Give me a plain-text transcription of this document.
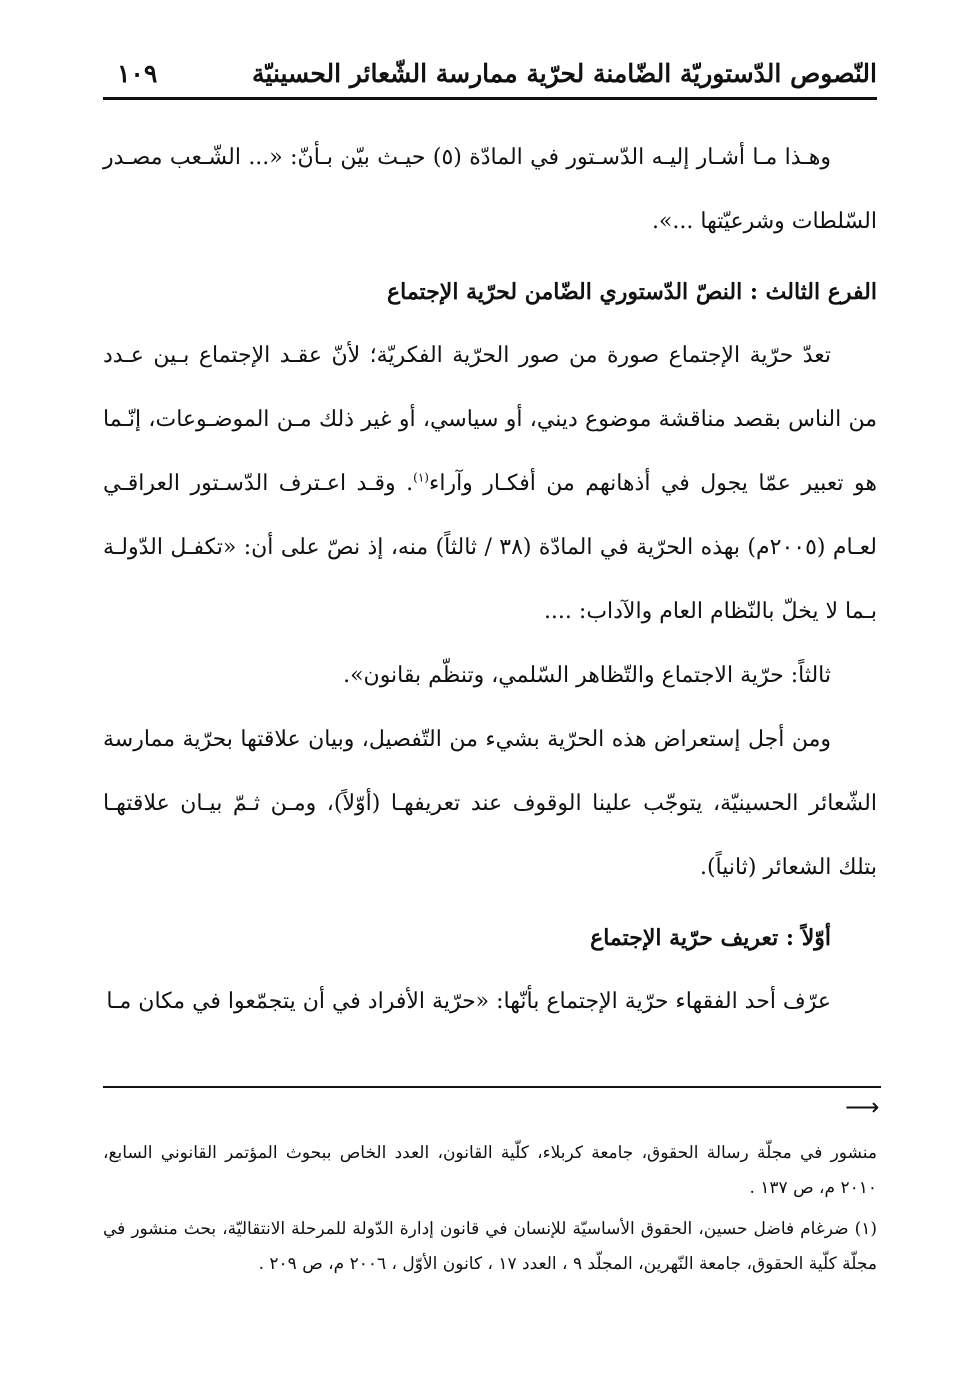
النّصوص الدّستوريّة الضّامنة لحرّية ممارسة الشّعائر الحسينيّة
١٠٩

وهـذا مـا أشـار إليـه الدّسـتور في المادّة (٥) حيـث بيّن بـأنّ: «... الشّـعب مصـدر السّلطات وشرعيّتها ...».

الفرع الثالث : النصّ الدّستوري الضّامن لحرّية الإجتماع

تعدّ حرّية الإجتماع صورة من صور الحرّية الفكريّة؛ لأنّ عقـد الإجتماع بـين عـدد من الناس بقصد مناقشة موضوع ديني، أو سياسي، أو غير ذلك مـن الموضـوعات، إنّـما هو تعبير عمّا يجول في أذهانهم من أفكـار وآراء$^{(١)}$. وقـد اعـترف الدّسـتور العراقـي لعـام (٢٠٠٥م) بهذه الحرّية في المادّة (٣٨ / ثالثاً) منه، إذ نصّ على أن: «تكفـل الدّولـة بـما لا يخلّ بالنّظام العام والآداب: ....

ثالثاً: حرّية الاجتماع والتّظاهر السّلمي، وتنظّم بقانون».

ومن أجل إستعراض هذه الحرّية بشيء من التّفصيل، وبيان علاقتها بحرّية ممارسة الشّعائر الحسينيّة، يتوجّب علينا الوقوف عند تعريفهـا (أوّلاً)، ومـن ثـمّ بيـان علاقتهـا بتلك الشعائر (ثانياً).

أوّلاً : تعريف حرّية الإجتماع

عرّف أحد الفقهاء حرّية الإجتماع بأنّها: «حرّية الأفراد في أن يتجمّعوا في مكان مـا

⟶

منشور في مجلّة رسالة الحقوق، جامعة كربلاء، كلّية القانون، العدد الخاص ببحوث المؤتمر القانوني السابع، ٢٠١٠ م، ص ١٣٧ .

(١) ضرغام فاضل حسين، الحقوق الأساسيّة للإنسان في قانون إدارة الدّولة للمرحلة الانتقاليّة، بحث منشور في مجلّة كلّية الحقوق، جامعة النّهرين، المجلّد ٩ ، العدد ١٧ ، كانون الأوّل ، ٢٠٠٦ م، ص ٢٠٩ .
